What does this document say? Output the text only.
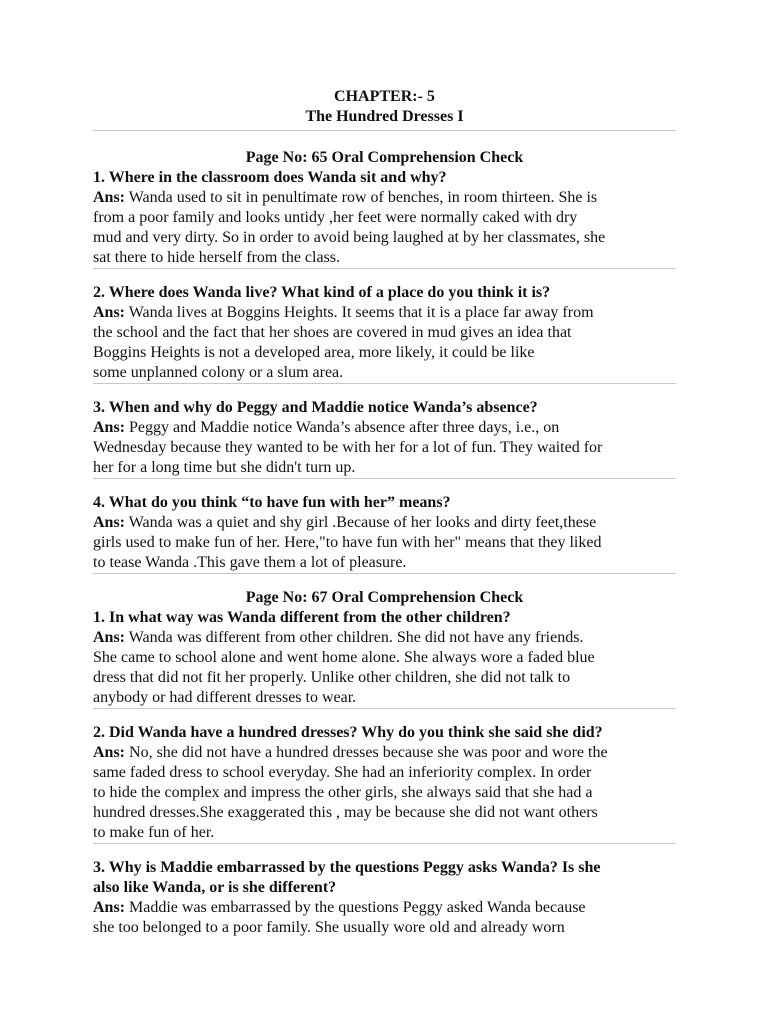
CHAPTER:- 5
The Hundred Dresses I
Page No: 65 Oral Comprehension Check
1. Where in the classroom does Wanda sit and why?
Ans: Wanda used to sit in penultimate row of benches, in room thirteen. She is
from a poor family and looks untidy ,her feet were normally caked with dry
mud and very dirty. So in order to avoid being laughed at by her classmates, she
sat there to hide herself from the class.
2. Where does Wanda live? What kind of a place do you think it is?
Ans: Wanda lives at Boggins Heights. It seems that it is a place far away from
the school and the fact that her shoes are covered in mud gives an idea that
Boggins Heights is not a developed area, more likely, it could be like
some unplanned colony or a slum area.
3. When and why do Peggy and Maddie notice Wanda’s absence?
Ans: Peggy and Maddie notice Wanda’s absence after three days, i.e., on
Wednesday because they wanted to be with her for a lot of fun. They waited for
her for a long time but she didn't turn up.
4. What do you think “to have fun with her” means?
Ans: Wanda was a quiet and shy girl .Because of her looks and dirty feet,these
girls used to make fun of her. Here,"to have fun with her" means that they liked
to tease Wanda .This gave them a lot of pleasure.
Page No: 67 Oral Comprehension Check
1. In what way was Wanda different from the other children?
Ans: Wanda was different from other children. She did not have any friends.
She came to school alone and went home alone. She always wore a faded blue
dress that did not fit her properly. Unlike other children, she did not talk to
anybody or had different dresses to wear.
2. Did Wanda have a hundred dresses? Why do you think she said she did?
Ans: No, she did not have a hundred dresses because she was poor and wore the
same faded dress to school everyday. She had an inferiority complex. In order
to hide the complex and impress the other girls, she always said that she had a
hundred dresses.She exaggerated this , may be because she did not want others
to make fun of her.
3. Why is Maddie embarrassed by the questions Peggy asks Wanda? Is she
also like Wanda, or is she different?
Ans: Maddie was embarrassed by the questions Peggy asked Wanda because
she too belonged to a poor family. She usually wore old and already worn
